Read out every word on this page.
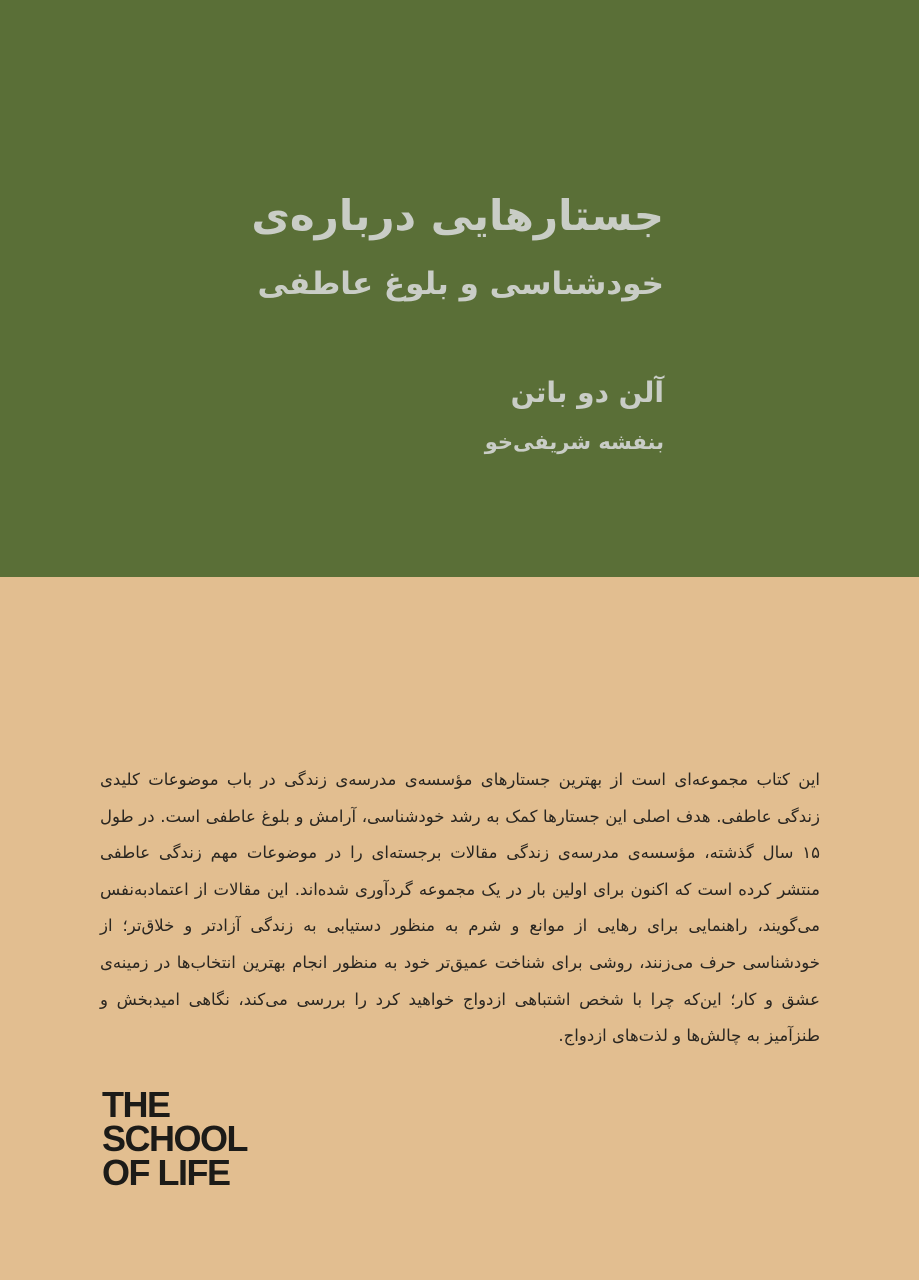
جستارهایی درباره‌ی
خودشناسی و بلوغ عاطفی
آلن دو باتن
بنفشه شریفی‌خو

این کتاب مجموعه‌ای است از بهترین جستارهای مؤسسه‌ی مدرسه‌ی زندگی در باب موضوعات کلیدی زندگی عاطفی. هدف اصلی این جستارها کمک به رشد خودشناسی، آرامش و بلوغ عاطفی است. در طول ۱۵ سال گذشته، مؤسسه‌ی مدرسه‌ی زندگی مقالات برجسته‌ای را در موضوعات مهم زندگی عاطفی منتشر کرده است که اکنون برای اولین بار در یک مجموعه گردآوری شده‌اند. این مقالات از اعتمادبه‌نفس می‌گویند، راهنمایی برای رهایی از موانع و شرم به منظور دستیابی به زندگی آزادتر و خلاق‌تر؛ از خودشناسی حرف می‌زنند، روشی برای شناخت عمیق‌تر خود به منظور انجام بهترین انتخاب‌ها در زمینه‌ی عشق و کار؛ این‌که چرا با شخص اشتباهی ازدواج خواهید کرد را بررسی می‌کند، نگاهی امیدبخش و طنزآمیز به چالش‌ها و لذت‌های ازدواج.

THE
SCHOOL
OF LIFE
